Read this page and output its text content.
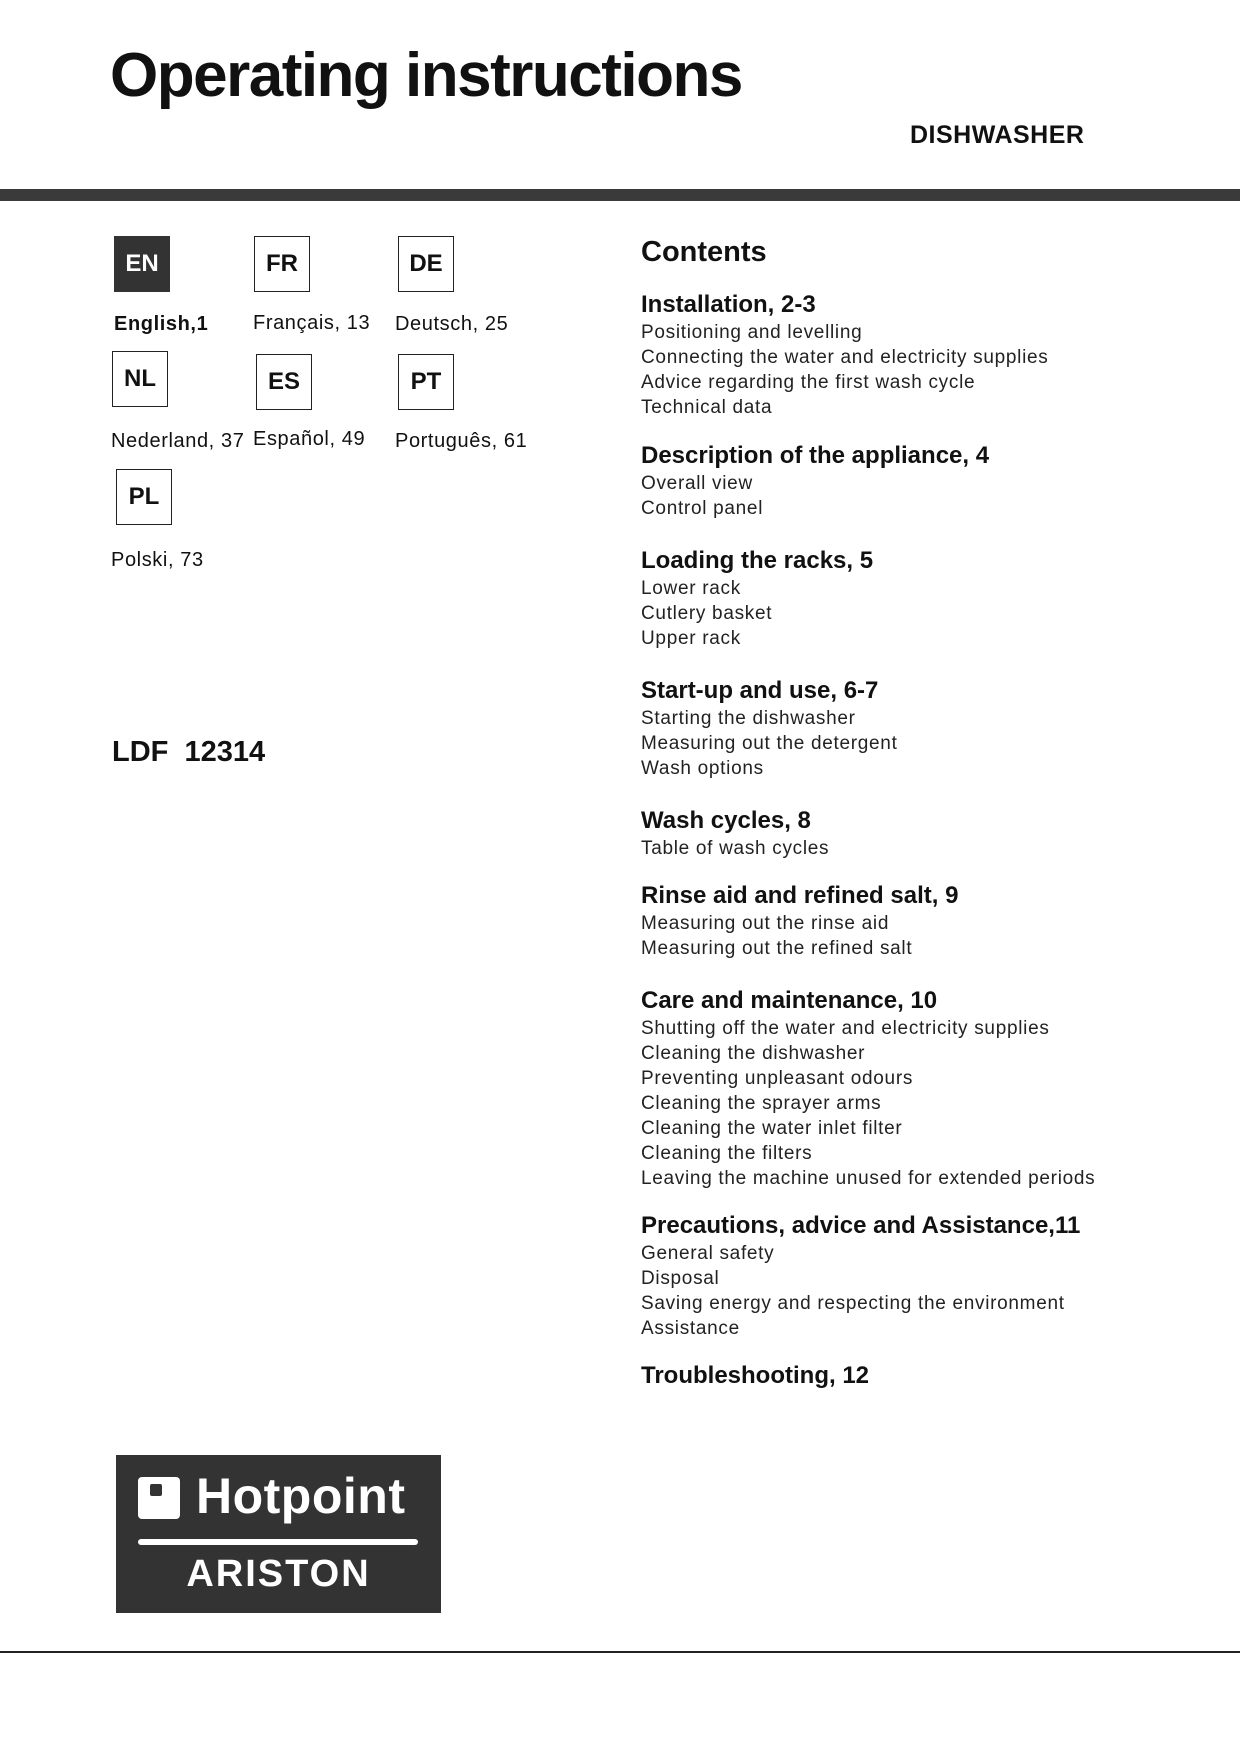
Operating instructions
DISHWASHER
EN
English,1
FR
Français, 13
DE
Deutsch, 25
NL
Nederland, 37
ES
Español, 49
PT
Português, 61
PL
Polski, 73
LDF  12314
Contents
Installation, 2-3
Positioning and levelling
Connecting the water and electricity supplies
Advice regarding the first wash cycle
Technical data
Description of the appliance, 4
Overall view
Control panel
Loading the racks, 5
Lower rack
Cutlery basket
Upper rack
Start-up and use, 6-7
Starting the dishwasher
Measuring out the detergent
Wash options
Wash cycles, 8
Table of wash cycles
Rinse aid and refined salt, 9
Measuring out the rinse aid
Measuring out the refined salt
Care and maintenance, 10
Shutting off the water and electricity supplies
Cleaning the dishwasher
Preventing unpleasant odours
Cleaning the sprayer arms
Cleaning the water inlet filter
Cleaning the filters
Leaving the machine unused for extended periods
Precautions, advice and Assistance,11
General safety
Disposal
Saving energy and respecting the environment
Assistance
Troubleshooting, 12
Hotpoint
ARISTON
